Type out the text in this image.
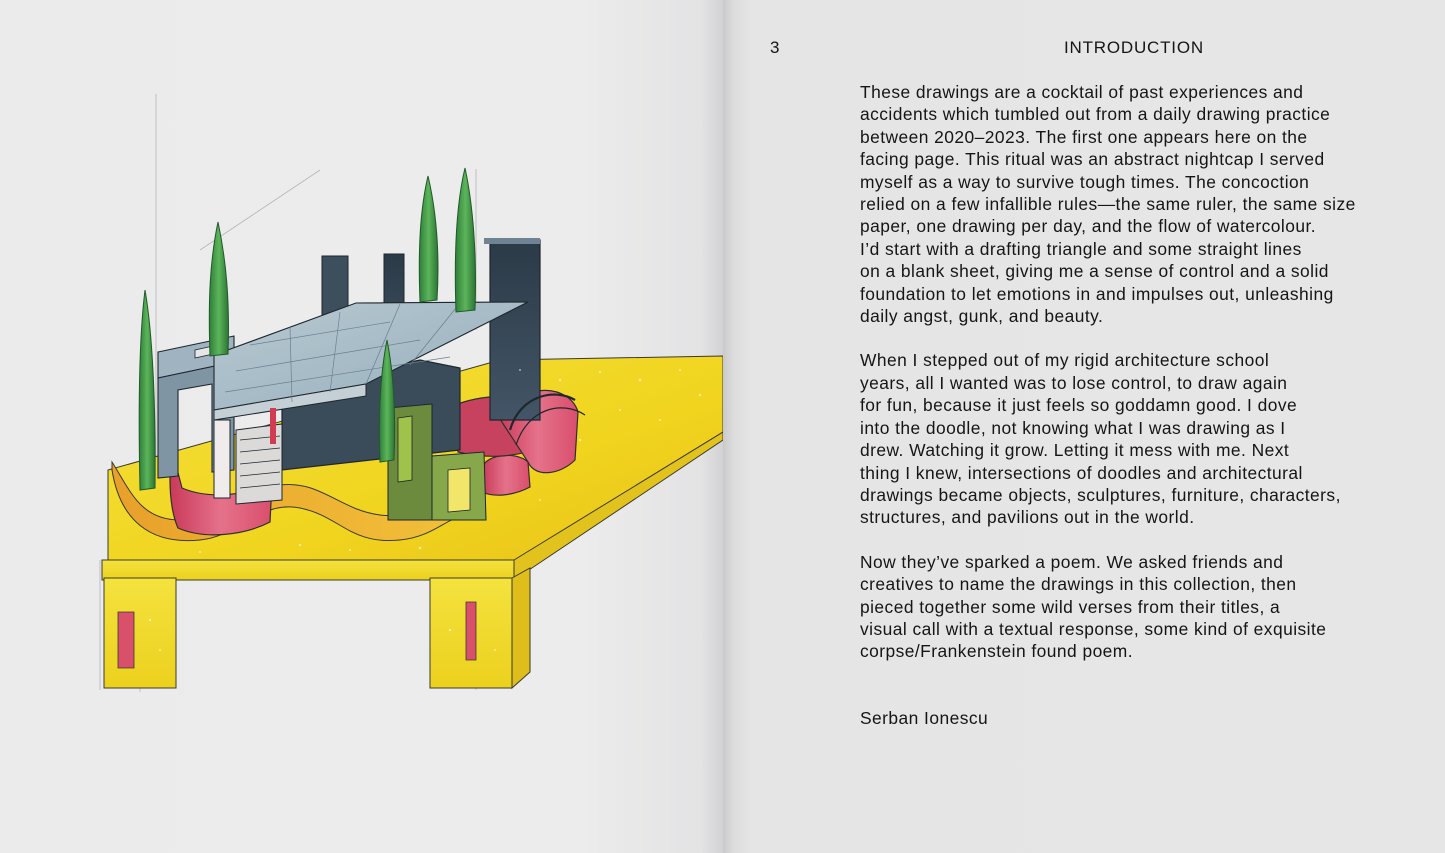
3	INTRODUCTION

These drawings are a cocktail of past experiences and
accidents which tumbled out from a daily drawing practice
between 2020–2023. The first one appears here on the
facing page. This ritual was an abstract nightcap I served
myself as a way to survive tough times. The concoction
relied on a few infallible rules—the same ruler, the same size
paper, one drawing per day, and the flow of watercolour.
I’d start with a drafting triangle and some straight lines
on a blank sheet, giving me a sense of control and a solid
foundation to let emotions in and impulses out, unleashing
daily angst, gunk, and beauty.

When I stepped out of my rigid architecture school
years, all I wanted was to lose control, to draw again
for fun, because it just feels so goddamn good. I dove
into the doodle, not knowing what I was drawing as I
drew. Watching it grow. Letting it mess with me. Next
thing I knew, intersections of doodles and architectural
drawings became objects, sculptures, furniture, characters,
structures, and pavilions out in the world.

Now they’ve sparked a poem. We asked friends and
creatives to name the drawings in this collection, then
pieced together some wild verses from their titles, a
visual call with a textual response, some kind of exquisite
corpse/Frankenstein found poem.

Serban Ionescu
